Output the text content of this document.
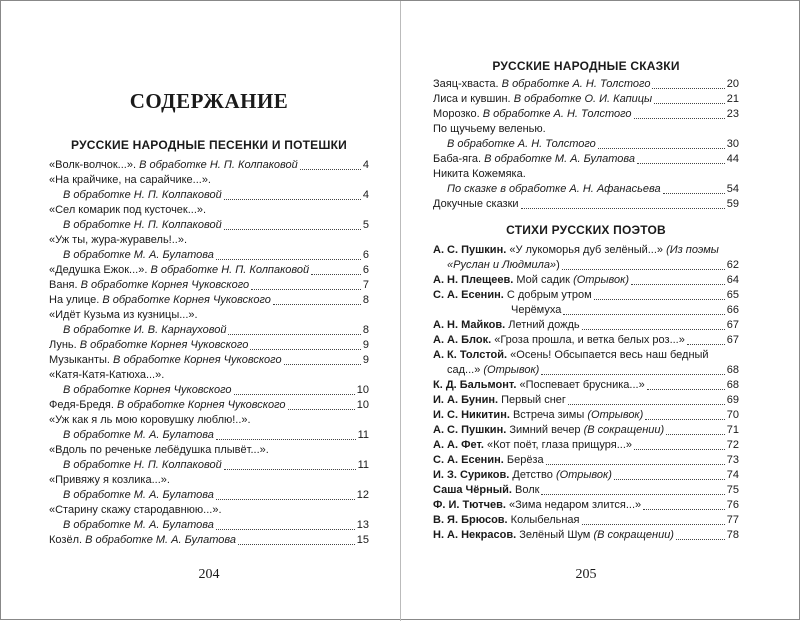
СОДЕРЖАНИЕ
РУССКИЕ НАРОДНЫЕ ПЕСЕНКИ И ПОТЕШКИ
«Волк-волчок...». В обработке Н. П. Колпаковой	4
«На крайчике, на сарайчике...».
В обработке Н. П. Колпаковой	4
«Сел комарик под кусточек...».
В обработке Н. П. Колпаковой	5
«Уж ты, жура-журавель!..».
В обработке М. А. Булатова	6
«Дедушка Ежок...». В обработке Н. П. Колпаковой	6
Ваня. В обработке Корнея Чуковского	7
На улице. В обработке Корнея Чуковского	8
«Идёт Кузьма из кузницы...».
В обработке И. В. Карнауховой	8
Лунь. В обработке Корнея Чуковского	9
Музыканты. В обработке Корнея Чуковского	9
«Катя-Катя-Катюха...».
В обработке Корнея Чуковского	10
Федя-Бредя. В обработке Корнея Чуковского	10
«Уж как я ль мою коровушку люблю!..».
В обработке М. А. Булатова	11
«Вдоль по реченьке лебёдушка плывёт...».
В обработке Н. П. Колпаковой	11
«Привяжу я козлика...».
В обработке М. А. Булатова	12
«Старину скажу стародавнюю...».
В обработке М. А. Булатова	13
Козёл. В обработке М. А. Булатова	15
204
РУССКИЕ НАРОДНЫЕ СКАЗКИ
Заяц-хваста. В обработке А. Н. Толстого	20
Лиса и кувшин. В обработке О. И. Капицы	21
Морозко. В обработке А. Н. Толстого	23
По щучьему веленью.
В обработке А. Н. Толстого	30
Баба-яга. В обработке М. А. Булатова	44
Никита Кожемяка.
По сказке в обработке А. Н. Афанасьева	54
Докучные сказки	59
СТИХИ РУССКИХ ПОЭТОВ
А. С. Пушкин. «У лукоморья дуб зелёный...» (Из поэмы
«Руслан и Людмила»)	62
А. Н. Плещеев. Мой садик (Отрывок)	64
С. А. Есенин. С добрым утром	65
Черёмуха	66
А. Н. Майков. Летний дождь	67
А. А. Блок. «Гроза прошла, и ветка белых роз...»	67
А. К. Толстой. «Осень! Обсыпается весь наш бедный
сад...» (Отрывок)	68
К. Д. Бальмонт. «Поспевает брусника...»	68
И. А. Бунин. Первый снег	69
И. С. Никитин. Встреча зимы (Отрывок)	70
А. С. Пушкин. Зимний вечер (В сокращении)	71
А. А. Фет. «Кот поёт, глаза прищуря...»	72
С. А. Есенин. Берёза	73
И. З. Суриков. Детство (Отрывок)	74
Саша Чёрный. Волк	75
Ф. И. Тютчев. «Зима недаром злится...»	76
В. Я. Брюсов. Колыбельная	77
Н. А. Некрасов. Зелёный Шум (В сокращении)	78
205
